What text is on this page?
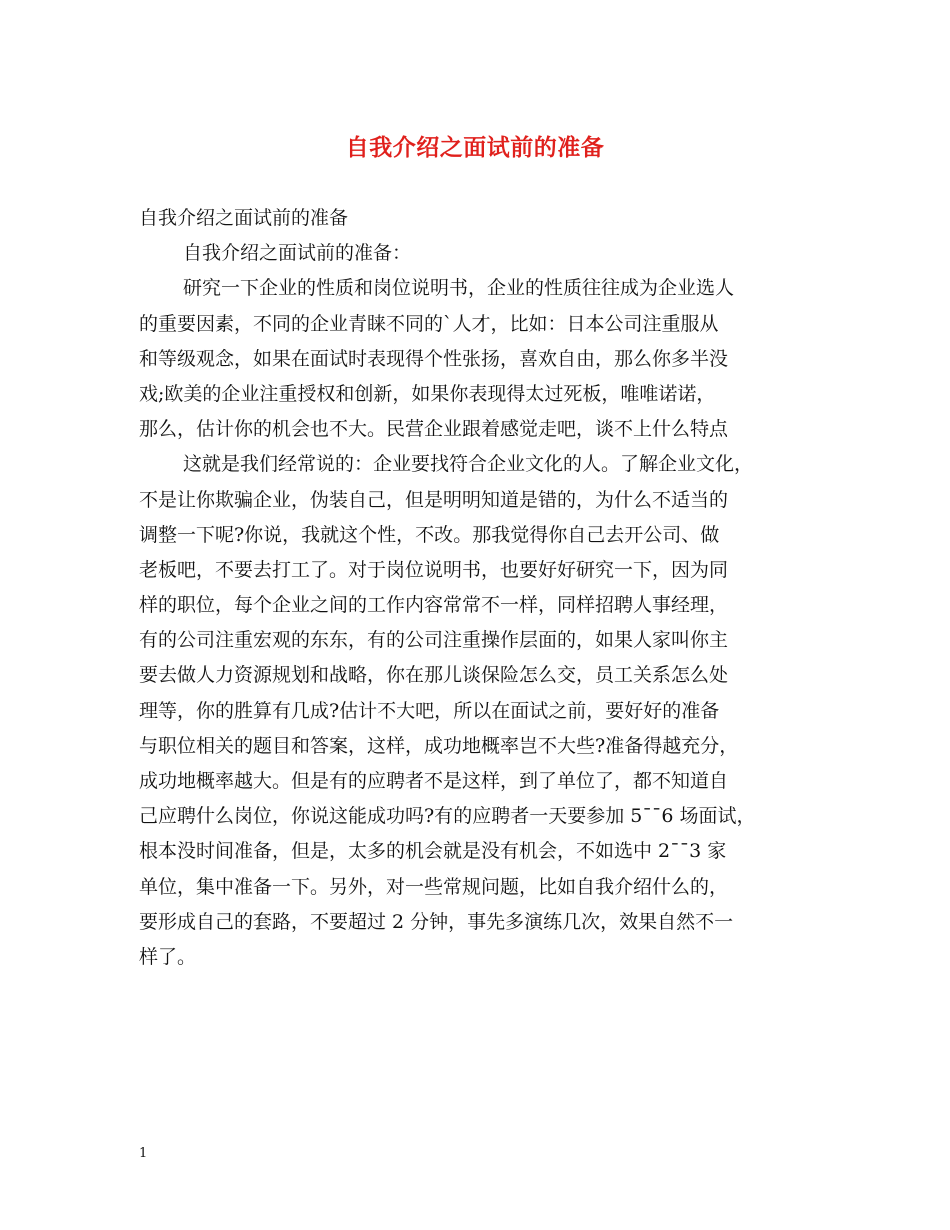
自我介绍之面试前的准备
自我介绍之面试前的准备
自我介绍之面试前的准备：
研究一下企业的性质和岗位说明书，企业的性质往往成为企业选人
的重要因素，不同的企业青睐不同的`人才，比如：日本公司注重服从
和等级观念，如果在面试时表现得个性张扬，喜欢自由，那么你多半没
戏;欧美的企业注重授权和创新，如果你表现得太过死板，唯唯诺诺，
那么，估计你的机会也不大。民营企业跟着感觉走吧，谈不上什么特点
这就是我们经常说的：企业要找符合企业文化的人。了解企业文化，
不是让你欺骗企业，伪装自己，但是明明知道是错的，为什么不适当的
调整一下呢?你说，我就这个性，不改。那我觉得你自己去开公司、做
老板吧，不要去打工了。对于岗位说明书，也要好好研究一下，因为同
样的职位，每个企业之间的工作内容常常不一样，同样招聘人事经理，
有的公司注重宏观的东东，有的公司注重操作层面的，如果人家叫你主
要去做人力资源规划和战略，你在那儿谈保险怎么交，员工关系怎么处
理等，你的胜算有几成?估计不大吧，所以在面试之前，要好好的准备
与职位相关的题目和答案，这样，成功地概率岂不大些?准备得越充分，
成功地概率越大。但是有的应聘者不是这样，到了单位了，都不知道自
己应聘什么岗位，你说这能成功吗?有的应聘者一天要参加 5¯¯6 场面试，
根本没时间准备，但是，太多的机会就是没有机会，不如选中 2¯¯3 家
单位，集中准备一下。另外，对一些常规问题，比如自我介绍什么的，
要形成自己的套路，不要超过 2 分钟，事先多演练几次，效果自然不一
样了。
1
